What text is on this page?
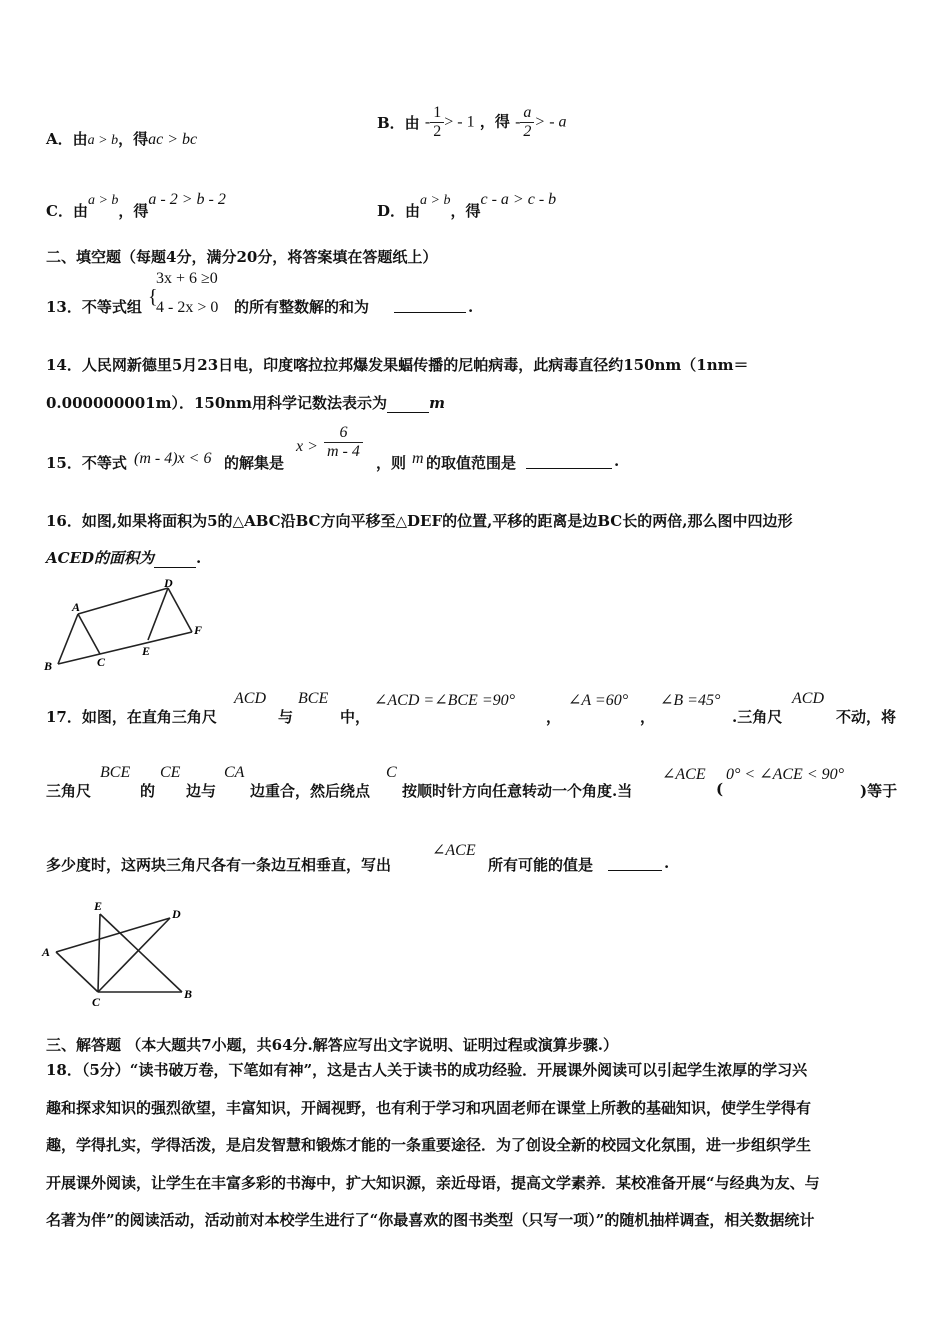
A．由a > b，得ac > bc
B．由 - $\frac{1}{2}$ > - 1 ，得 - $\frac{a}{2}$ > - a
C．由a > b，得a - 2 > b - 2
D．由a > b，得c - a > c - b
二、填空题（每题4分，满分20分，将答案填在答题纸上）
13．不等式组 {
3x + 6 ≥0
4 - 2x > 0 的所有整数解的和为	.
14．人民网新德里5月23日电，印度喀拉拉邦爆发果蝠传播的尼帕病毒，此病毒直径约150nm（1nm＝
0.000000001m）．150nm用科学记数法表示为	m
15．不等式 (m - 4)x < 6 的解集是
$x > \frac{6}{m - 4}$
，则 m 的取值范围是	.
16．如图,如果将面积为5的△ABC沿BC方向平移至△DEF的位置,平移的距离是边BC长的两倍,那么图中四边形
ACED的面积为	.
A
B	C
D
E
F
17．如图，在直角三角尺
ACD
与
BCE
中，
∠ACD =∠BCE =90°
，
∠A =60°
，
∠B =45°
.三角尺
ACD
不动，将
三角尺
BCE
的
CE
边与
CA
边重合，然后绕点
C
按顺时针方向任意转动一个角度.当
∠ACE
(
0° < ∠ACE < 90°
)等于
多少度时，这两块三角尺各有一条边互相垂直，写出
∠ACE
所有可能的值是	.
E
D
A
C
B
三、解答题 （本大题共7小题，共64分.解答应写出文字说明、证明过程或演算步骤.）
18．（5分）“读书破万卷，下笔如有神”，这是古人关于读书的成功经验．开展课外阅读可以引起学生浓厚的学习兴
趣和探求知识的强烈欲望，丰富知识，开阔视野，也有利于学习和巩固老师在课堂上所教的基础知识，使学生学得有
趣，学得扎实，学得活泼，是启发智慧和锻炼才能的一条重要途径．为了创设全新的校园文化氛围，进一步组织学生
开展课外阅读，让学生在丰富多彩的书海中，扩大知识源，亲近母语，提高文学素养．某校准备开展“与经典为友、与
名著为伴”的阅读活动，活动前对本校学生进行了“你最喜欢的图书类型（只写一项）”的随机抽样调查，相关数据统计
